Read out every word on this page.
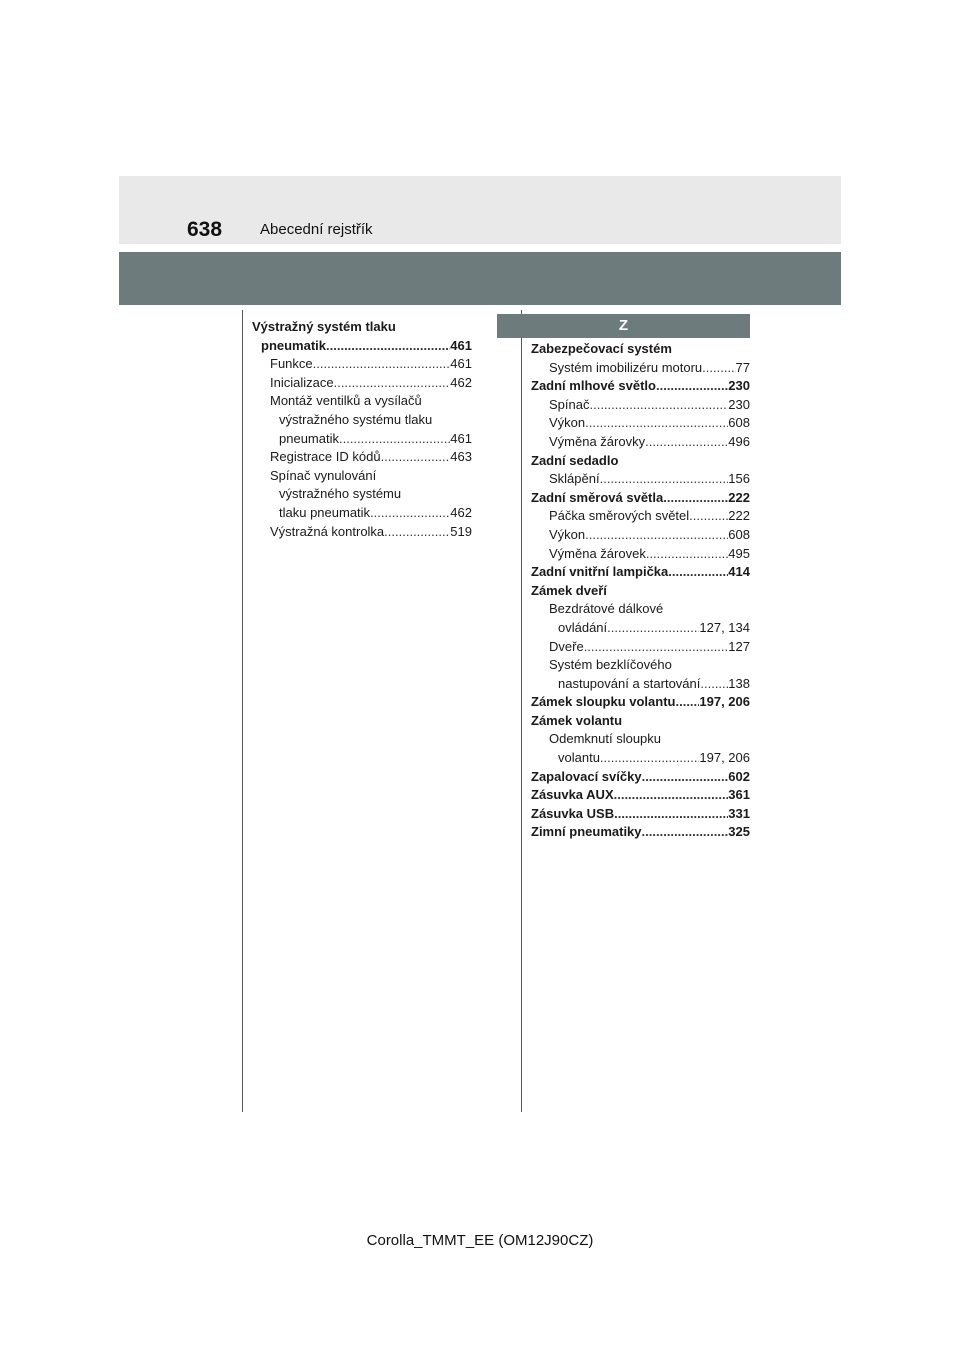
638	Abecední rejstřík
Výstražný systém tlaku
pneumatik .....	461
Funkce .....	461
Inicializace .....	462
Montáž ventilků a vysílačů
výstražného systému tlaku
pneumatik .....	461
Registrace ID kódů .....	463
Spínač vynulování
výstražného systému
tlaku pneumatik .....	462
Výstražná kontrolka .....	519
Z
Zabezpečovací systém
Systém imobilizéru motoru .....	77
Zadní mlhové světlo .....	230
Spínač .....	230
Výkon .....	608
Výměna žárovky .....	496
Zadní sedadlo
Sklápění .....	156
Zadní směrová světla .....	222
Páčka směrových světel .....	222
Výkon .....	608
Výměna žárovek .....	495
Zadní vnitřní lampička .....	414
Zámek dveří
Bezdrátové dálkové
ovládání .....	127, 134
Dveře .....	127
Systém bezklíčového
nastupování a startování ..... 138
Zámek sloupku volantu ..... 197, 206
Zámek volantu
Odemknutí sloupku
volantu .....	197, 206
Zapalovací svíčky .....	602
Zásuvka AUX .....	361
Zásuvka USB .....	331
Zimní pneumatiky .....	325
Corolla_TMMT_EE (OM12J90CZ)
